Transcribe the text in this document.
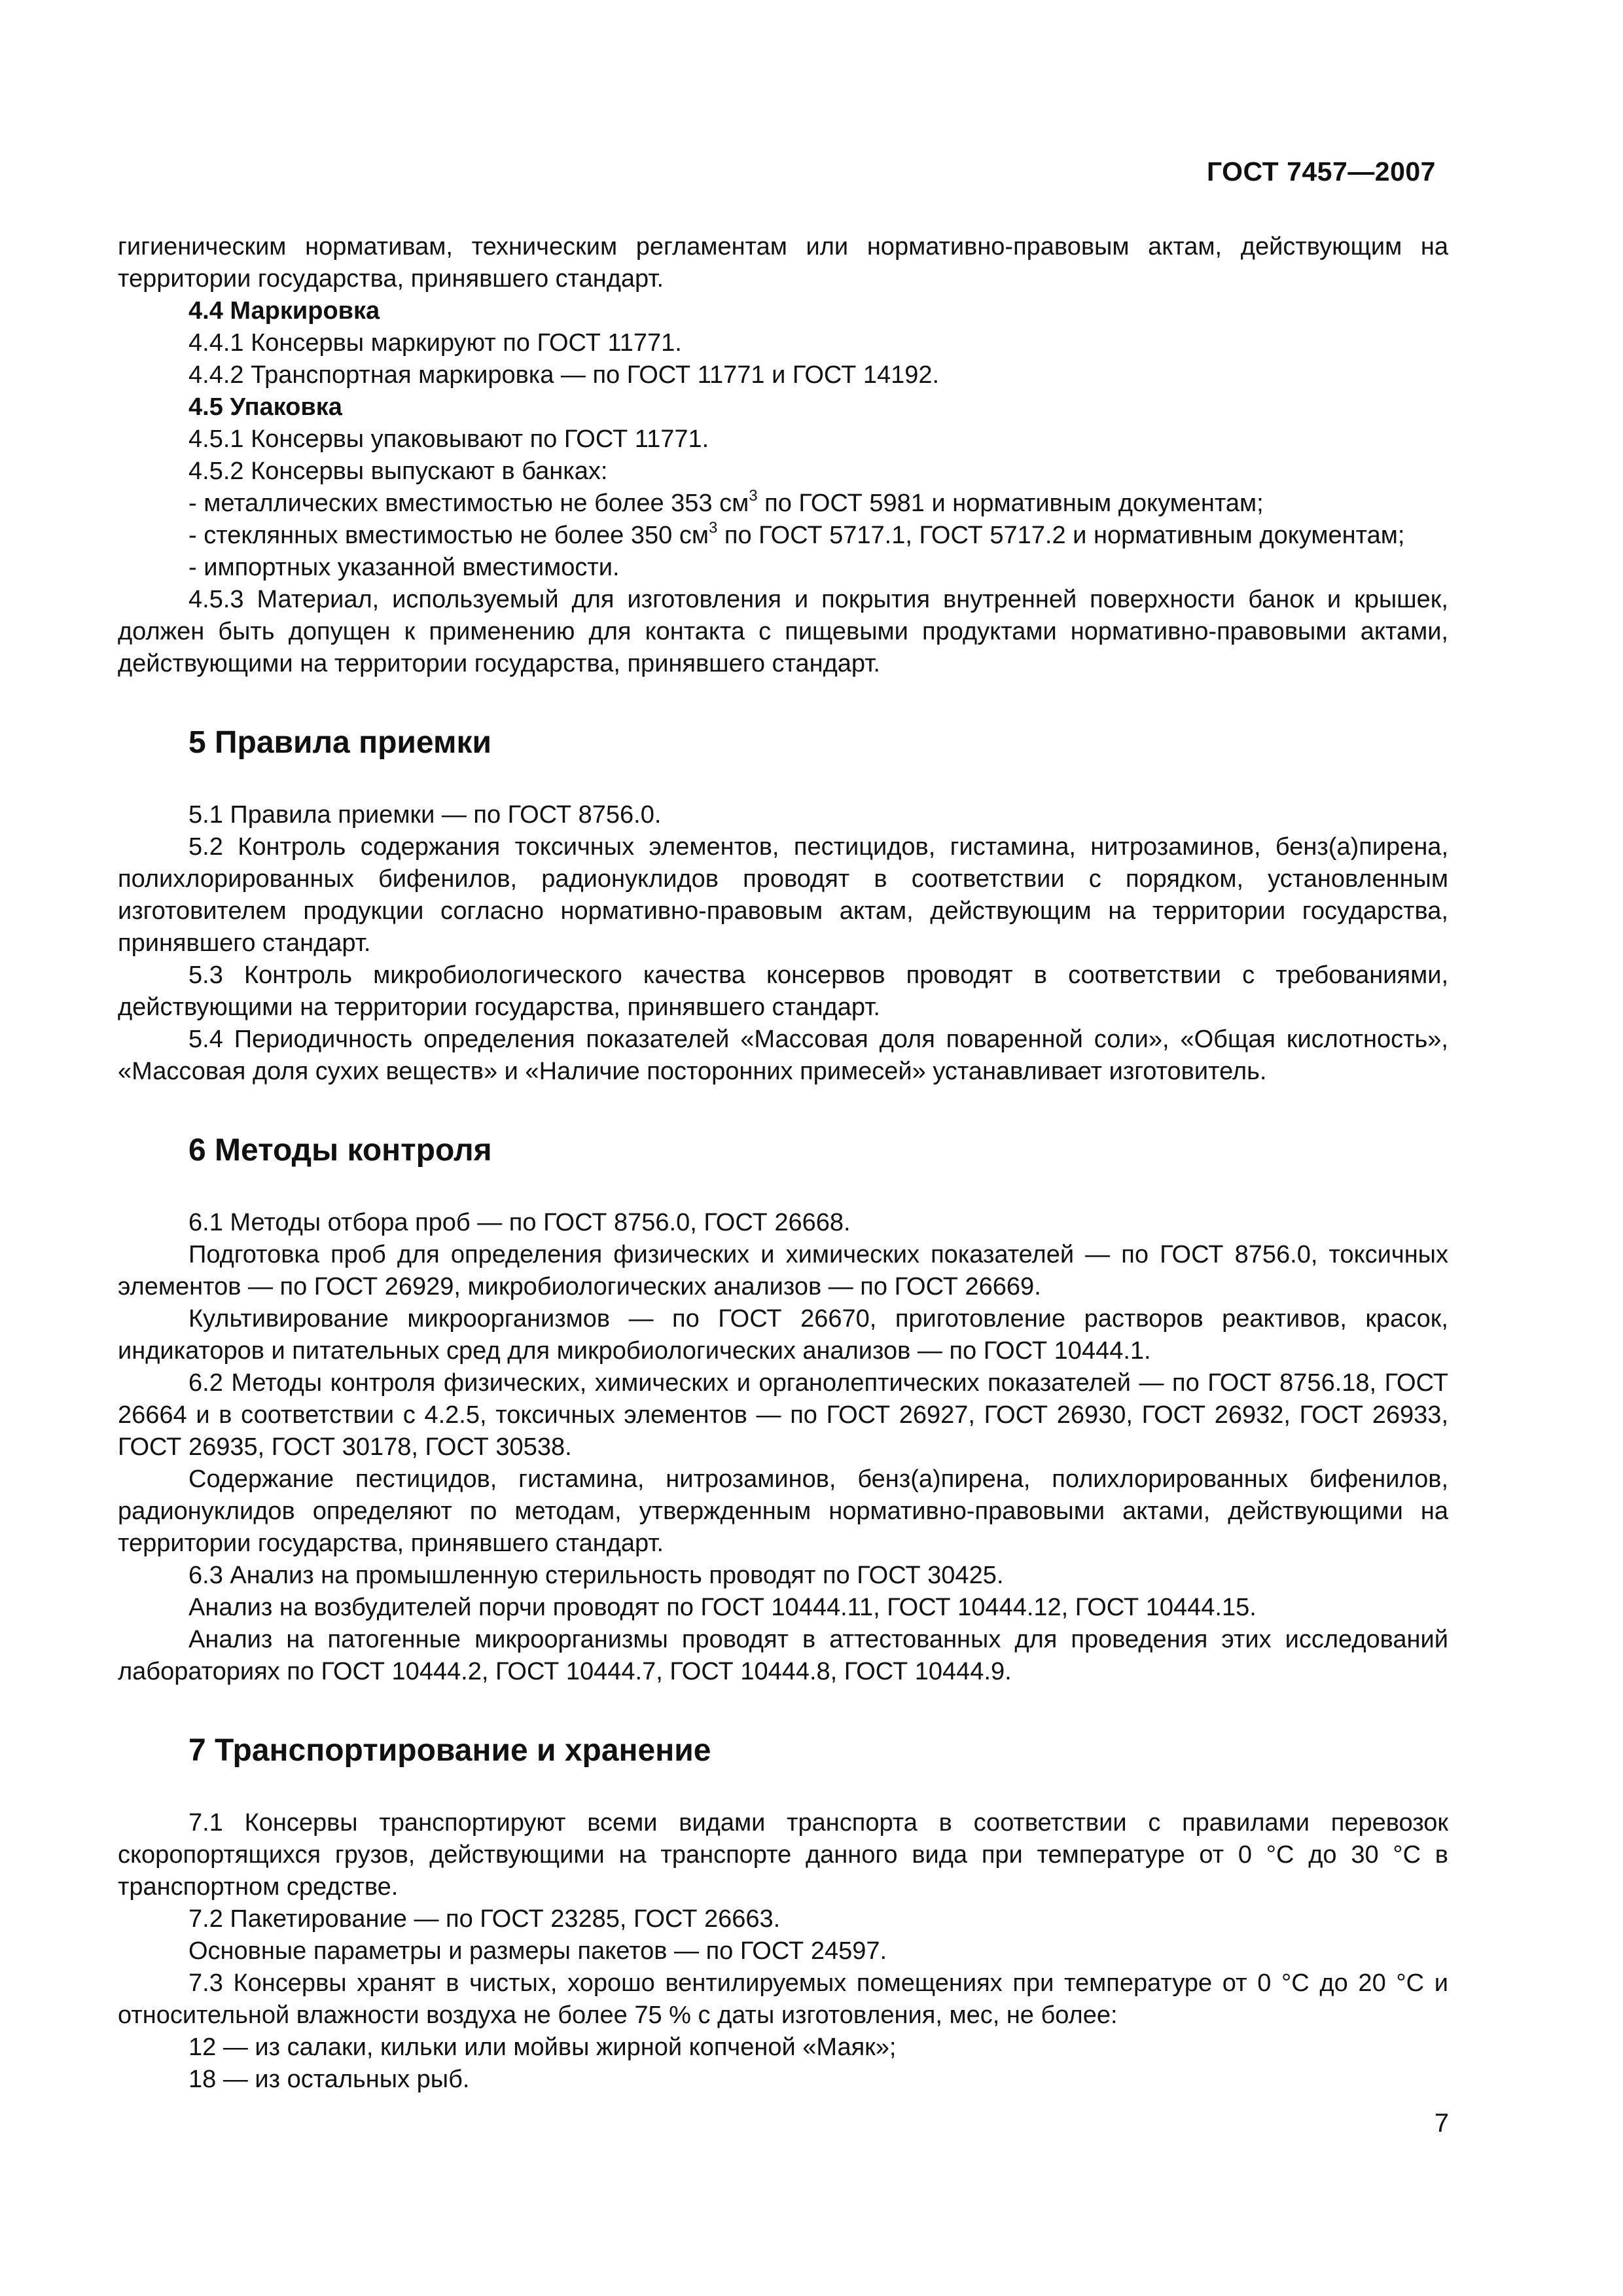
ГОСТ 7457—2007

гигиеническим нормативам, техническим регламентам или нормативно-правовым актам, действующим на территории государства, принявшего стандарт.

4.4 Маркировка

4.4.1 Консервы маркируют по ГОСТ 11771.

4.4.2 Транспортная маркировка — по ГОСТ 11771 и ГОСТ 14192.

4.5 Упаковка

4.5.1 Консервы упаковывают по ГОСТ 11771.

4.5.2 Консервы выпускают в банках:

- металлических вместимостью не более 353 $см^3$ по ГОСТ 5981 и нормативным документам;

- стеклянных вместимостью не более 350 $см^3$ по ГОСТ 5717.1, ГОСТ 5717.2 и нормативным документам;

- импортных указанной вместимости.

4.5.3 Материал, используемый для изготовления и покрытия внутренней поверхности банок и крышек, должен быть допущен к применению для контакта с пищевыми продуктами нормативно-правовыми актами, действующими на территории государства, принявшего стандарт.

5 Правила приемки

5.1 Правила приемки — по ГОСТ 8756.0.

5.2 Контроль содержания токсичных элементов, пестицидов, гистамина, нитрозаминов, бенз(а)пирена, полихлорированных бифенилов, радионуклидов проводят в соответствии с порядком, установленным изготовителем продукции согласно нормативно-правовым актам, действующим на территории государства, принявшего стандарт.

5.3 Контроль микробиологического качества консервов проводят в соответствии с требованиями, действующими на территории государства, принявшего стандарт.

5.4 Периодичность определения показателей «Массовая доля поваренной соли», «Общая кислотность», «Массовая доля сухих веществ» и «Наличие посторонних примесей» устанавливает изготовитель.

6 Методы контроля

6.1 Методы отбора проб — по ГОСТ 8756.0, ГОСТ 26668.

Подготовка проб для определения физических и химических показателей — по ГОСТ 8756.0, токсичных элементов — по ГОСТ 26929, микробиологических анализов — по ГОСТ 26669.

Культивирование микроорганизмов — по ГОСТ 26670, приготовление растворов реактивов, красок, индикаторов и питательных сред для микробиологических анализов — по ГОСТ 10444.1.

6.2 Методы контроля физических, химических и органолептических показателей — по ГОСТ 8756.18, ГОСТ 26664 и в соответствии с 4.2.5, токсичных элементов — по ГОСТ 26927, ГОСТ 26930, ГОСТ 26932, ГОСТ 26933, ГОСТ 26935, ГОСТ 30178, ГОСТ 30538.

Содержание пестицидов, гистамина, нитрозаминов, бенз(а)пирена, полихлорированных бифенилов, радионуклидов определяют по методам, утвержденным нормативно-правовыми актами, действующими на территории государства, принявшего стандарт.

6.3 Анализ на промышленную стерильность проводят по ГОСТ 30425.

Анализ на возбудителей порчи проводят по ГОСТ 10444.11, ГОСТ 10444.12, ГОСТ 10444.15.

Анализ на патогенные микроорганизмы проводят в аттестованных для проведения этих исследований лабораториях по ГОСТ 10444.2, ГОСТ 10444.7, ГОСТ 10444.8, ГОСТ 10444.9.

7 Транспортирование и хранение

7.1 Консервы транспортируют всеми видами транспорта в соответствии с правилами перевозок скоропортящихся грузов, действующими на транспорте данного вида при температуре от 0 °С до 30 °С в транспортном средстве.

7.2 Пакетирование — по ГОСТ 23285, ГОСТ 26663.

Основные параметры и размеры пакетов — по ГОСТ 24597.

7.3 Консервы хранят в чистых, хорошо вентилируемых помещениях при температуре от 0 °С до 20 °С и относительной влажности воздуха не более 75 % с даты изготовления, мес, не более:

12 — из салаки, кильки или мойвы жирной копченой «Маяк»;

18 — из остальных рыб.

7
